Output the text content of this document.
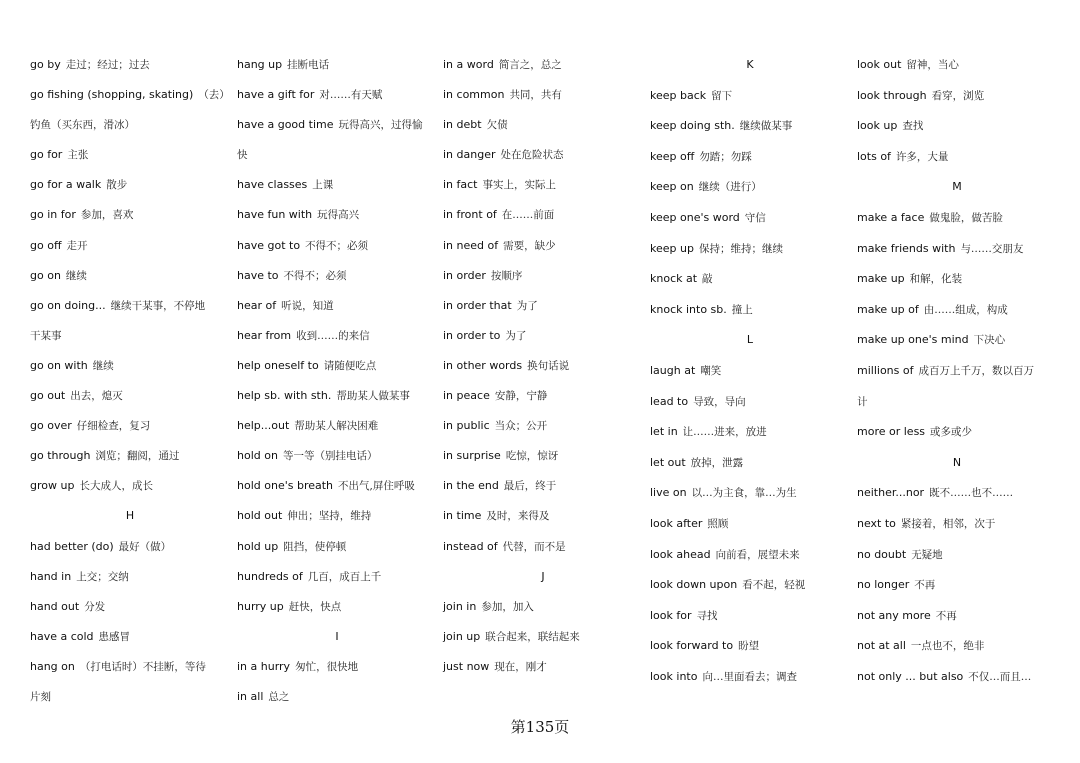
go by 走过；经过；过去
go fishing (shopping, skating) （去）
钓鱼（买东西，滑冰）
go for 主张
go for a walk 散步
go in for 参加，喜欢
go off 走开
go on 继续
go on doing... 继续干某事，不停地
干某事
go on with 继续
go out 出去，熄灭
go over 仔细检查，复习
go through 浏览；翻阅，通过
grow up 长大成人，成长
H
had better (do) 最好（做）
hand in 上交；交纳
hand out 分发
have a cold 患感冒
hang on （打电话时）不挂断，等待
片刻
hang up 挂断电话
have a gift for 对……有天赋
have a good time 玩得高兴，过得愉
快
have classes 上课
have fun with 玩得高兴
have got to 不得不；必须
have to 不得不；必须
hear of 听说，知道
hear from 收到……的来信
help oneself to 请随便吃点
help sb. with sth. 帮助某人做某事
help...out 帮助某人解决困难
hold on 等一等（别挂电话）
hold one's breath 不出气,屏住呼吸
hold out 伸出；坚持，维持
hold up 阻挡，使停顿
hundreds of 几百，成百上千
hurry up 赶快，快点
I
in a hurry 匆忙，很快地
in all 总之
in a word 简言之，总之
in common 共同，共有
in debt 欠债
in danger 处在危险状态
in fact 事实上，实际上
in front of 在……前面
in need of 需要，缺少
in order 按顺序
in order that 为了
in order to 为了
in other words 换句话说
in peace 安静，宁静
in public 当众；公开
in surprise 吃惊，惊讶
in the end 最后，终于
in time 及时，来得及
instead of 代替，而不是
J
join in 参加，加入
join up 联合起来，联结起来
just now 现在，刚才
K
keep back 留下
keep doing sth. 继续做某事
keep off 勿踏；勿踩
keep on 继续（进行）
keep one's word 守信
keep up 保持；维持；继续
knock at 敲
knock into sb. 撞上
L
laugh at 嘲笑
lead to 导致，导向
let in 让……进来，放进
let out 放掉，泄露
live on 以…为主食，靠…为生
look after 照顾
look ahead 向前看，展望未来
look down upon 看不起，轻视
look for 寻找
look forward to 盼望
look into 向…里面看去；调查
look out 留神，当心
look through 看穿，浏览
look up 查找
lots of 许多，大量
M
make a face 做鬼脸，做苦脸
make friends with 与……交朋友
make up 和解，化装
make up of 由……组成，构成
make up one's mind 下决心
millions of 成百万上千万，数以百万
计
more or less 或多或少
N
neither...nor 既不……也不……
next to 紧接着，相邻，次于
no doubt 无疑地
no longer 不再
not any more 不再
not at all 一点也不，绝非
not only ... but also 不仅…而且…
第135页
